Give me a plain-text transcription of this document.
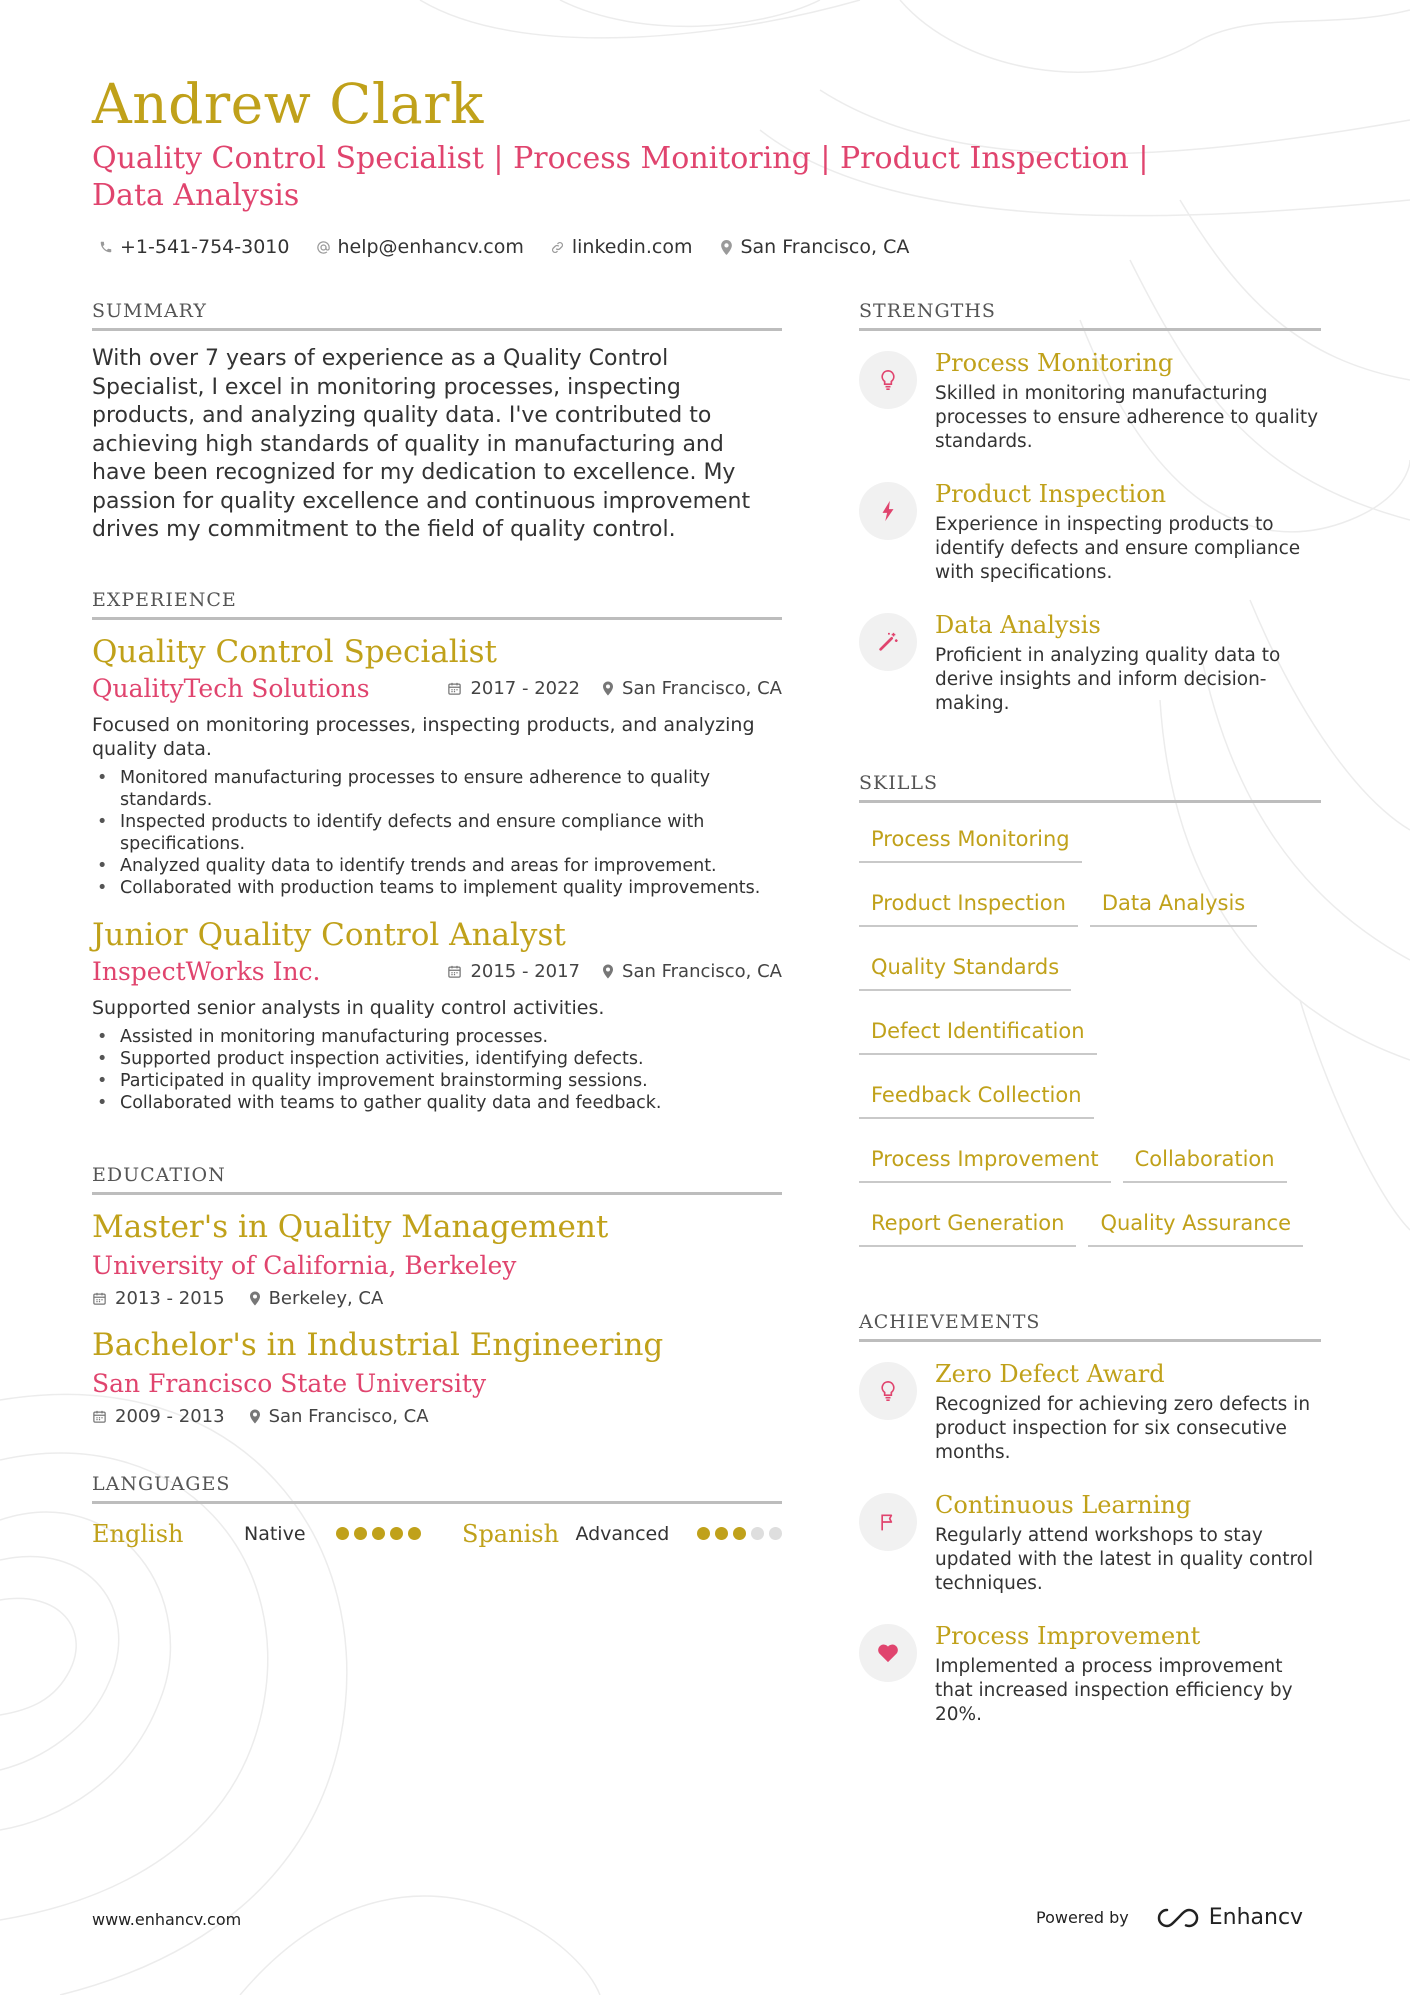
Andrew Clark
Quality Control Specialist | Process Monitoring | Product Inspection | Data Analysis
+1-541-754-3010	help@enhancv.com	linkedin.com	San Francisco, CA
SUMMARY

With over 7 years of experience as a Quality Control Specialist, I excel in monitoring processes, inspecting products, and analyzing quality data. I've contributed to achieving high standards of quality in manufacturing and have been recognized for my dedication to excellence. My passion for quality excellence and continuous improvement drives my commitment to the field of quality control.

EXPERIENCE
Quality Control Specialist
QualityTech Solutions	2017 - 2022 San Francisco, CA
Focused on monitoring processes, inspecting products, and analyzing quality data.
• Monitored manufacturing processes to ensure adherence to quality standards.
• Inspected products to identify defects and ensure compliance with specifications.
• Analyzed quality data to identify trends and areas for improvement.
• Collaborated with production teams to implement quality improvements.
Junior Quality Control Analyst
InspectWorks Inc.	2015 - 2017 San Francisco, CA
Supported senior analysts in quality control activities.
• Assisted in monitoring manufacturing processes.
• Supported product inspection activities, identifying defects.
• Participated in quality improvement brainstorming sessions.
• Collaborated with teams to gather quality data and feedback.
EDUCATION
Master's in Quality Management
University of California, Berkeley
2013 - 2015 Berkeley, CA
Bachelor's in Industrial Engineering
San Francisco State University
2009 - 2013 San Francisco, CA
LANGUAGES
English	Native	Spanish Advanced
STRENGTHS
Process Monitoring
Skilled in monitoring manufacturing processes to ensure adherence to quality standards.
Product Inspection
Experience in inspecting products to identify defects and ensure compliance with specifications.
Data Analysis
Proficient in analyzing quality data to derive insights and inform decision-making.
SKILLS
Process Monitoring
Product Inspection	Data Analysis
Quality Standards
Defect Identification
Feedback Collection
Process Improvement	Collaboration
Report Generation	Quality Assurance
ACHIEVEMENTS
Zero Defect Award
Recognized for achieving zero defects in product inspection for six consecutive months.
Continuous Learning
Regularly attend workshops to stay updated with the latest in quality control techniques.
Process Improvement
Implemented a process improvement that increased inspection efficiency by 20%.
www.enhancv.com	Powered by	Enhancv
